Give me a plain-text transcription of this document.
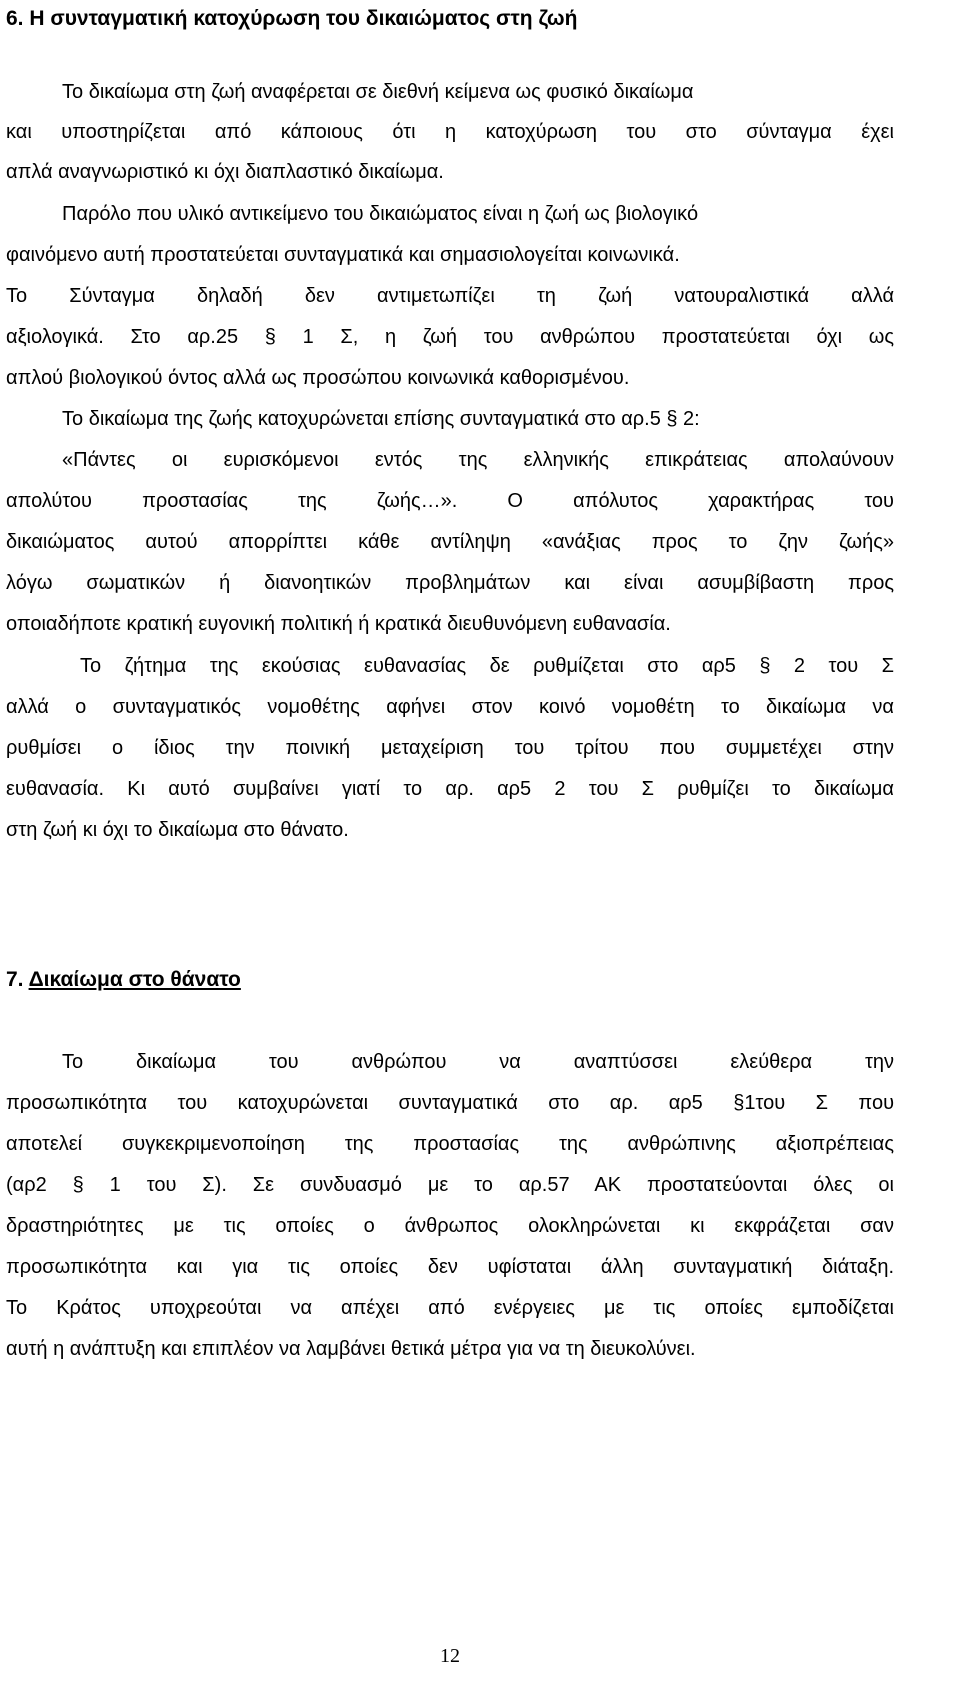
6. Η συνταγματική κατοχύρωση του δικαιώματος στη ζωή
Το δικαίωμα στη ζωή αναφέρεται σε διεθνή κείμενα ως φυσικό δικαίωμα
και υποστηρίζεται από κάποιους ότι η κατοχύρωση του στο σύνταγμα έχει
απλά αναγνωριστικό κι όχι διαπλαστικό δικαίωμα.
Παρόλο που υλικό αντικείμενο του δικαιώματος είναι η ζωή ως βιολογικό
φαινόμενο αυτή προστατεύεται συνταγματικά και σημασιολογείται κοινωνικά.
Το Σύνταγμα δηλαδή δεν αντιμετωπίζει τη ζωή νατουραλιστικά αλλά
αξιολογικά. Στο αρ.25 § 1 Σ, η ζωή του ανθρώπου προστατεύεται όχι ως
απλού βιολογικού όντος αλλά ως προσώπου κοινωνικά καθορισμένου.
Το δικαίωμα της ζωής κατοχυρώνεται επίσης συνταγματικά στο αρ.5 § 2:
«Πάντες οι ευρισκόμενοι εντός της ελληνικής επικράτειας απολαύνουν
απολύτου προστασίας της ζωής…». Ο απόλυτος χαρακτήρας του
δικαιώματος αυτού απορρίπτει κάθε αντίληψη «ανάξιας προς το ζην ζωής»
λόγω σωματικών ή διανοητικών προβλημάτων και είναι ασυμβίβαστη προς
οποιαδήποτε κρατική ευγονική πολιτική ή κρατικά διευθυνόμενη ευθανασία.
Το ζήτημα της εκούσιας ευθανασίας δε ρυθμίζεται στο αρ5 § 2 του Σ
αλλά ο συνταγματικός νομοθέτης αφήνει στον κοινό νομοθέτη το δικαίωμα να
ρυθμίσει ο ίδιος την ποινική μεταχείριση του τρίτου που συμμετέχει στην
ευθανασία. Κι αυτό συμβαίνει γιατί το αρ. αρ5 2 του Σ ρυθμίζει το δικαίωμα
στη ζωή κι όχι το δικαίωμα στο θάνατο.
7. Δικαίωμα στο θάνατο
Το δικαίωμα του ανθρώπου να αναπτύσσει ελεύθερα την
προσωπικότητα του κατοχυρώνεται συνταγματικά στο αρ. αρ5 §1του Σ που
αποτελεί συγκεκριμενοποίηση της προστασίας της ανθρώπινης αξιοπρέπειας
(αρ2 § 1 του Σ). Σε συνδυασμό με το αρ.57 ΑΚ προστατεύονται όλες οι
δραστηριότητες με τις οποίες ο άνθρωπος ολοκληρώνεται κι εκφράζεται σαν
προσωπικότητα και για τις οποίες δεν υφίσταται άλλη συνταγματική διάταξη.
Το Κράτος υποχρεούται να απέχει από ενέργειες με τις οποίες εμποδίζεται
αυτή η ανάπτυξη και επιπλέον να λαμβάνει θετικά μέτρα για να τη διευκολύνει.
12
